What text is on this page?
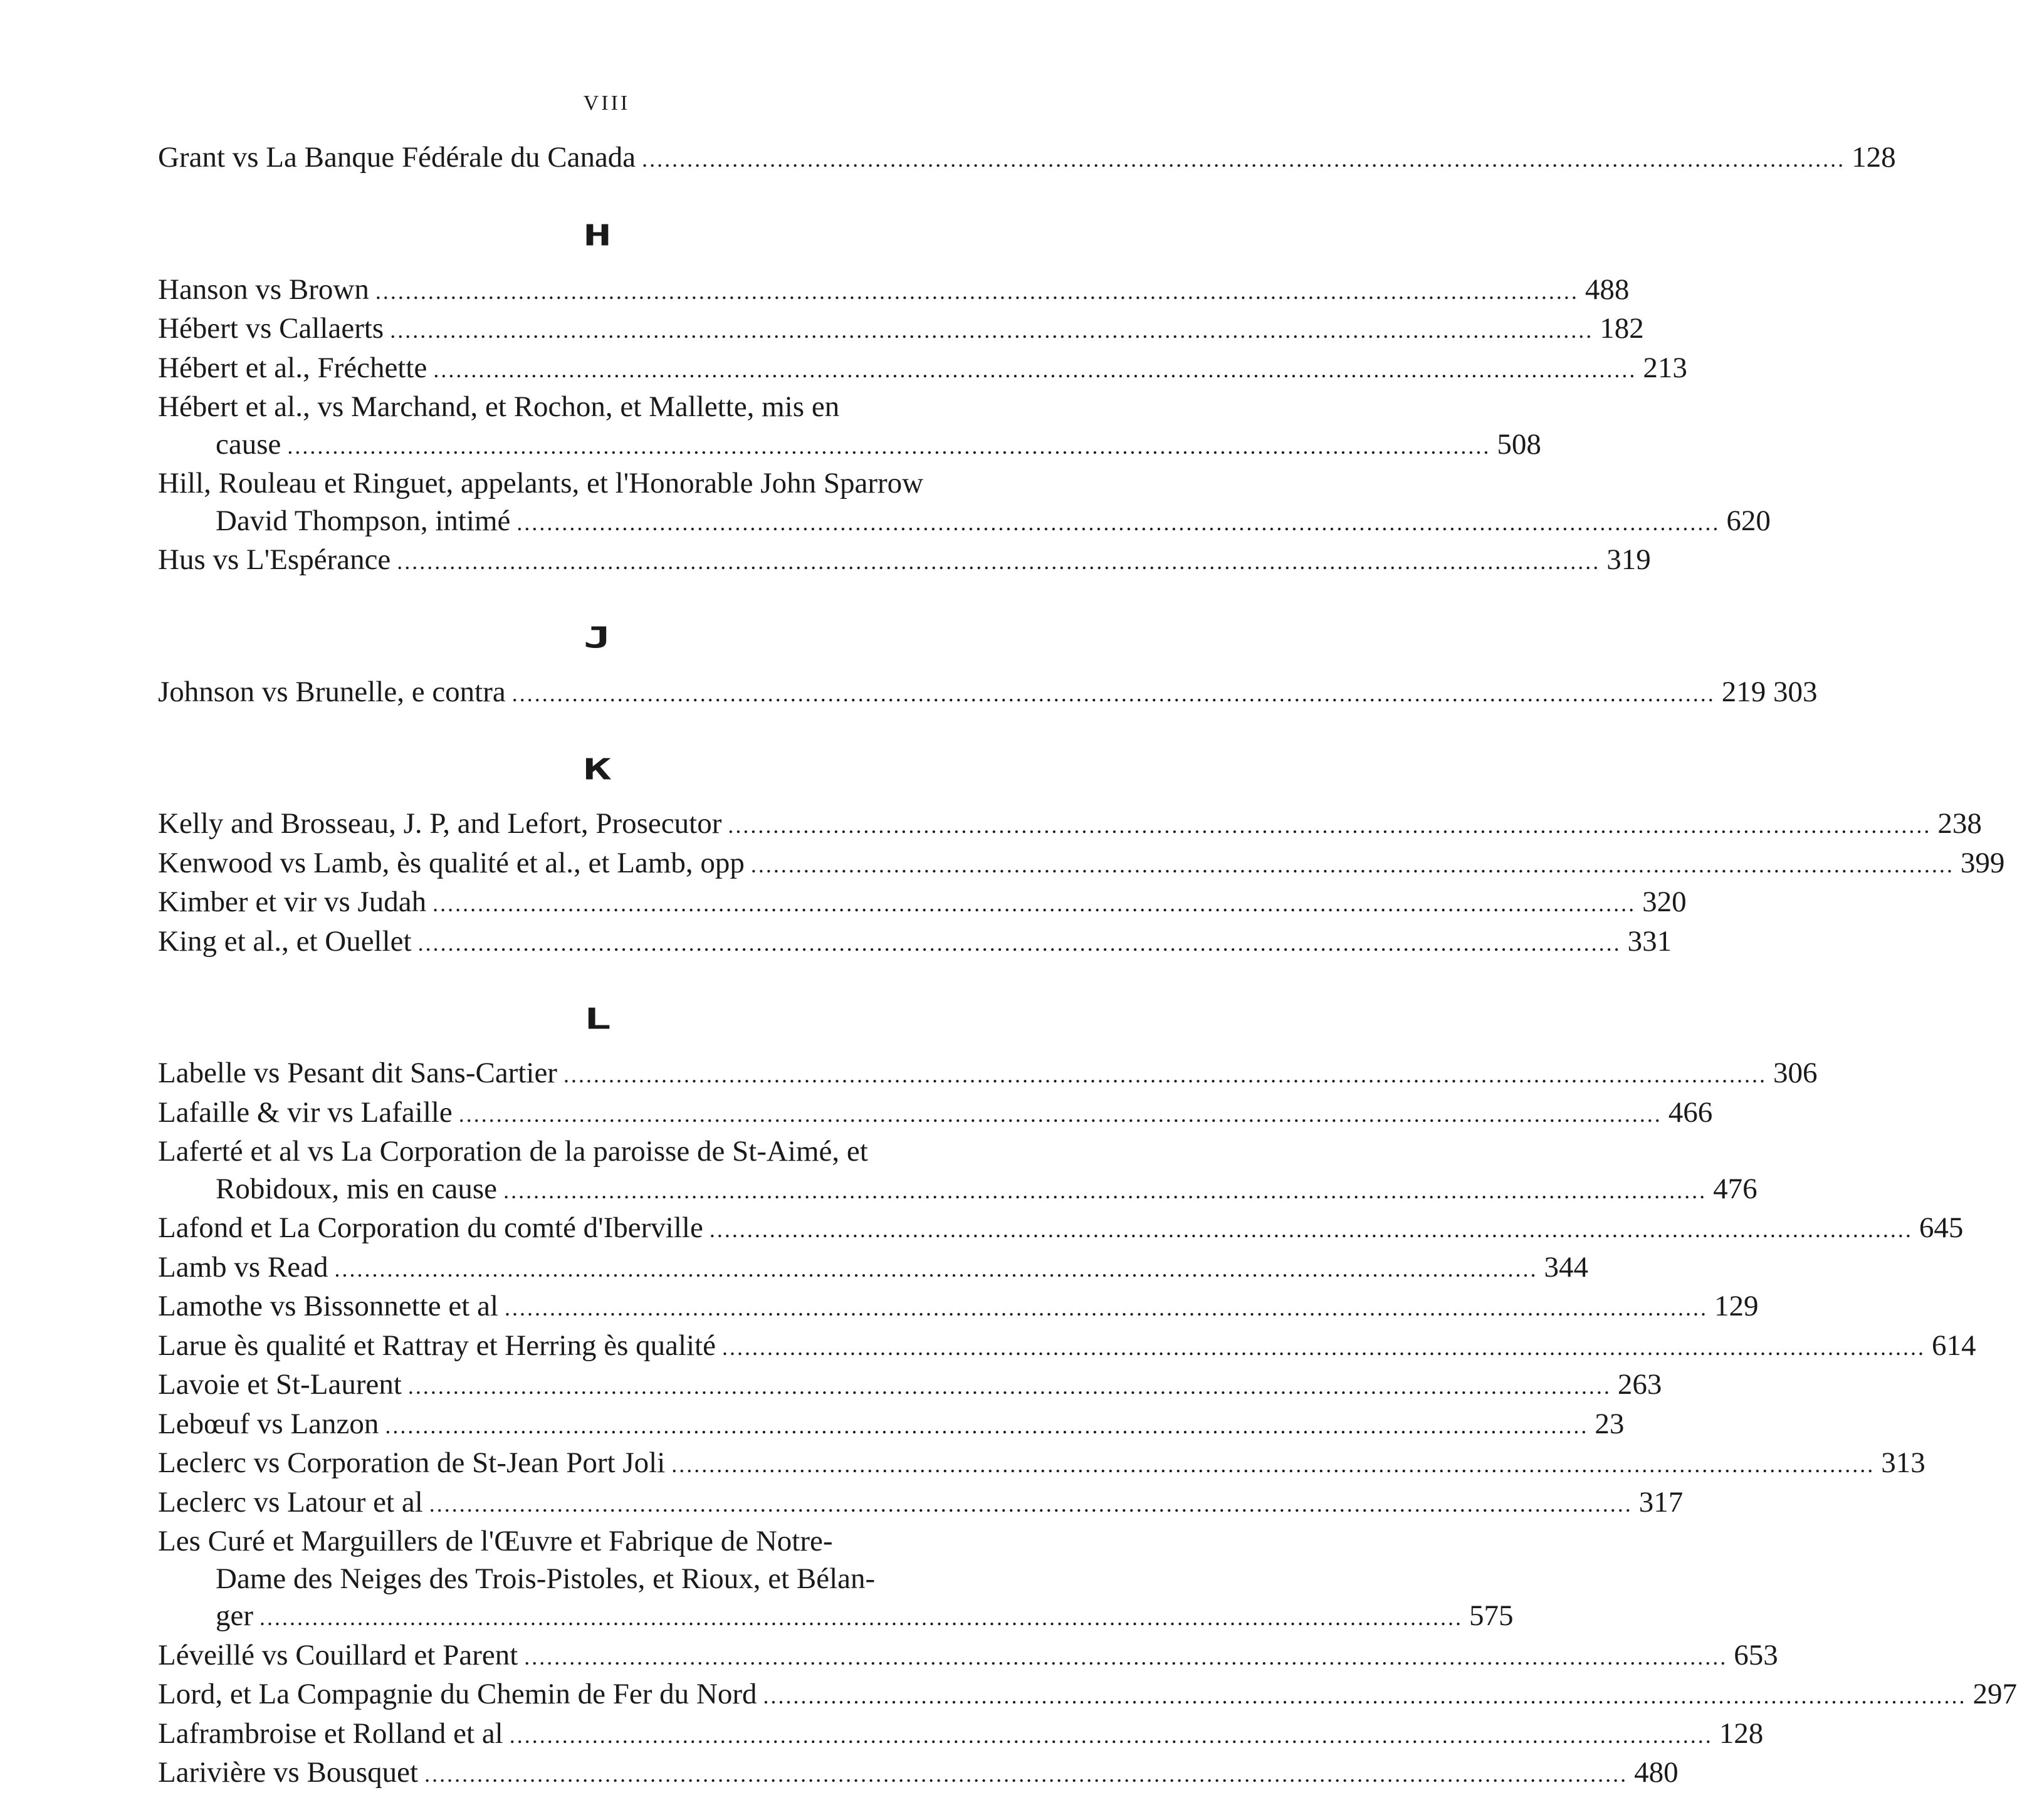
VIII
Grant vs La Banque Fédérale du Canada ................................................................................................................................................................ 128
H
Hanson vs Brown ................................................................................................................................................................ 488
Hébert vs Callaerts ................................................................................................................................................................ 182
Hébert et al., Fréchette ................................................................................................................................................................ 213
Hébert et al., vs Marchand, et Rochon, et Mallette, mis en
cause ................................................................................................................................................................ 508
Hill, Rouleau et Ringuet, appelants, et l'Honorable John Sparrow
David Thompson, intimé ................................................................................................................................................................ 620
Hus vs L'Espérance ................................................................................................................................................................ 319
J
Johnson vs Brunelle, e contra ................................................................................................................................................................ 219 303
K
Kelly and Brosseau, J. P, and Lefort, Prosecutor ................................................................................................................................................................ 238
Kenwood vs Lamb, ès qualité et al., et Lamb, opp ................................................................................................................................................................ 399
Kimber et vir vs Judah ................................................................................................................................................................ 320
King et al., et Ouellet ................................................................................................................................................................ 331
L
Labelle vs Pesant dit Sans-Cartier ................................................................................................................................................................ 306
Lafaille & vir vs Lafaille ................................................................................................................................................................ 466
Laferté et al vs La Corporation de la paroisse de St-Aimé, et
Robidoux, mis en cause ................................................................................................................................................................ 476
Lafond et La Corporation du comté d'Iberville ................................................................................................................................................................ 645
Lamb vs Read ................................................................................................................................................................ 344
Lamothe vs Bissonnette et al ................................................................................................................................................................ 129
Larue ès qualité et Rattray et Herring ès qualité ................................................................................................................................................................ 614
Lavoie et St-Laurent ................................................................................................................................................................ 263
Lebœuf vs Lanzon ................................................................................................................................................................ 23
Leclerc vs Corporation de St-Jean Port Joli ................................................................................................................................................................ 313
Leclerc vs Latour et al ................................................................................................................................................................ 317
Les Curé et Marguillers de l'Œuvre et Fabrique de Notre-
Dame des Neiges des Trois-Pistoles, et Rioux, et Bélan-
ger ................................................................................................................................................................ 575
Léveillé vs Couillard et Parent ................................................................................................................................................................ 653
Lord, et La Compagnie du Chemin de Fer du Nord ................................................................................................................................................................ 297
Laframbroise et Rolland et al ................................................................................................................................................................ 128
Larivière vs Bousquet ................................................................................................................................................................ 480
